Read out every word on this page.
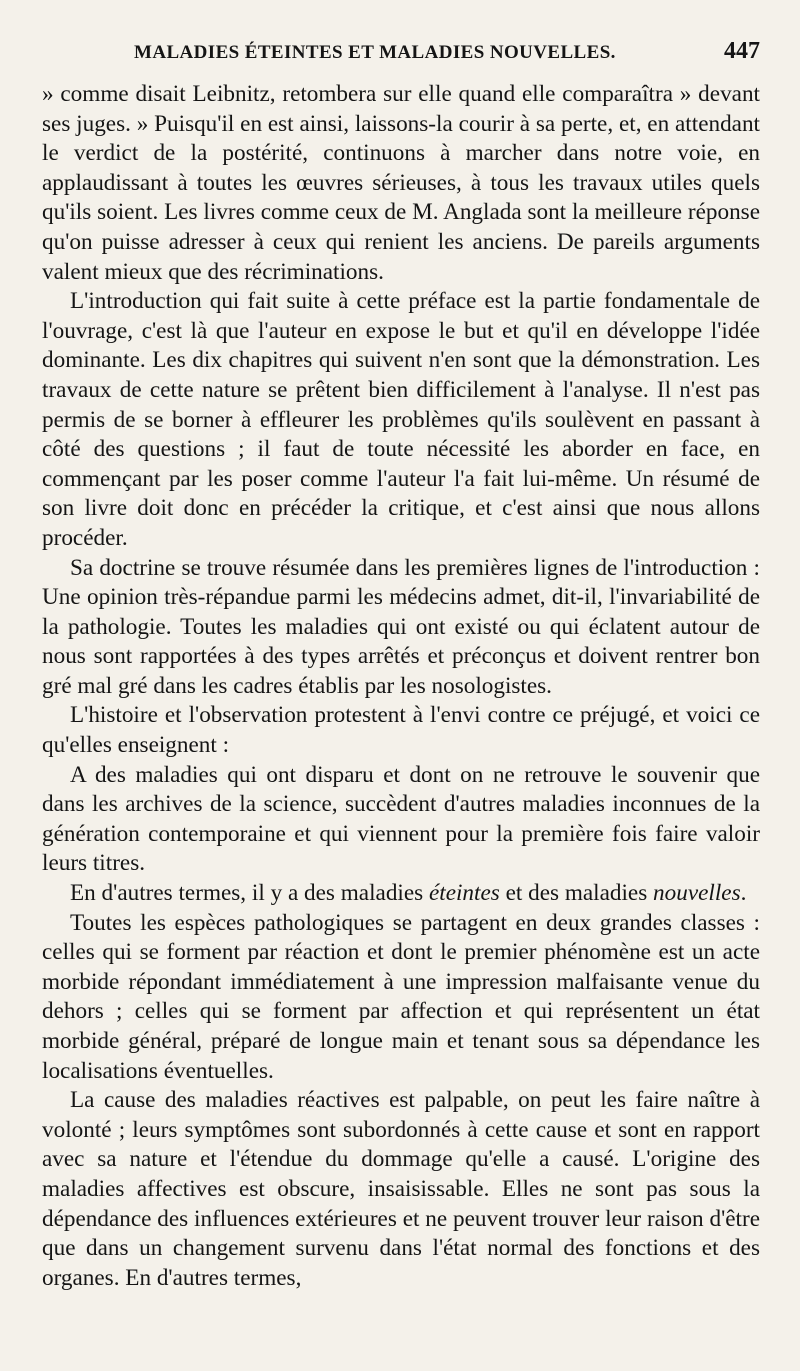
MALADIES ÉTEINTES ET MALADIES NOUVELLES.	447

» comme disait Leibnitz, retombera sur elle quand elle comparaîtra » devant ses juges. » Puisqu'il en est ainsi, laissons-la courir à sa perte, et, en attendant le verdict de la postérité, continuons à marcher dans notre voie, en applaudissant à toutes les œuvres sérieuses, à tous les travaux utiles quels qu'ils soient. Les livres comme ceux de M. Anglada sont la meilleure réponse qu'on puisse adresser à ceux qui renient les anciens. De pareils arguments valent mieux que des récriminations.

L'introduction qui fait suite à cette préface est la partie fondamentale de l'ouvrage, c'est là que l'auteur en expose le but et qu'il en développe l'idée dominante. Les dix chapitres qui suivent n'en sont que la démonstration. Les travaux de cette nature se prêtent bien difficilement à l'analyse. Il n'est pas permis de se borner à effleurer les problèmes qu'ils soulèvent en passant à côté des questions ; il faut de toute nécessité les aborder en face, en commençant par les poser comme l'auteur l'a fait lui-même. Un résumé de son livre doit donc en précéder la critique, et c'est ainsi que nous allons procéder.

Sa doctrine se trouve résumée dans les premières lignes de l'introduction : Une opinion très-répandue parmi les médecins admet, dit-il, l'invariabilité de la pathologie. Toutes les maladies qui ont existé ou qui éclatent autour de nous sont rapportées à des types arrêtés et préconçus et doivent rentrer bon gré mal gré dans les cadres établis par les nosologistes.

L'histoire et l'observation protestent à l'envi contre ce préjugé, et voici ce qu'elles enseignent :

A des maladies qui ont disparu et dont on ne retrouve le souvenir que dans les archives de la science, succèdent d'autres maladies inconnues de la génération contemporaine et qui viennent pour la première fois faire valoir leurs titres.

En d'autres termes, il y a des maladies éteintes et des maladies nouvelles.

Toutes les espèces pathologiques se partagent en deux grandes classes : celles qui se forment par réaction et dont le premier phénomène est un acte morbide répondant immédiatement à une impression malfaisante venue du dehors ; celles qui se forment par affection et qui représentent un état morbide général, préparé de longue main et tenant sous sa dépendance les localisations éventuelles.

La cause des maladies réactives est palpable, on peut les faire naître à volonté ; leurs symptômes sont subordonnés à cette cause et sont en rapport avec sa nature et l'étendue du dommage qu'elle a causé. L'origine des maladies affectives est obscure, insaisissable. Elles ne sont pas sous la dépendance des influences extérieures et ne peuvent trouver leur raison d'être que dans un changement survenu dans l'état normal des fonctions et des organes. En d'autres termes,
